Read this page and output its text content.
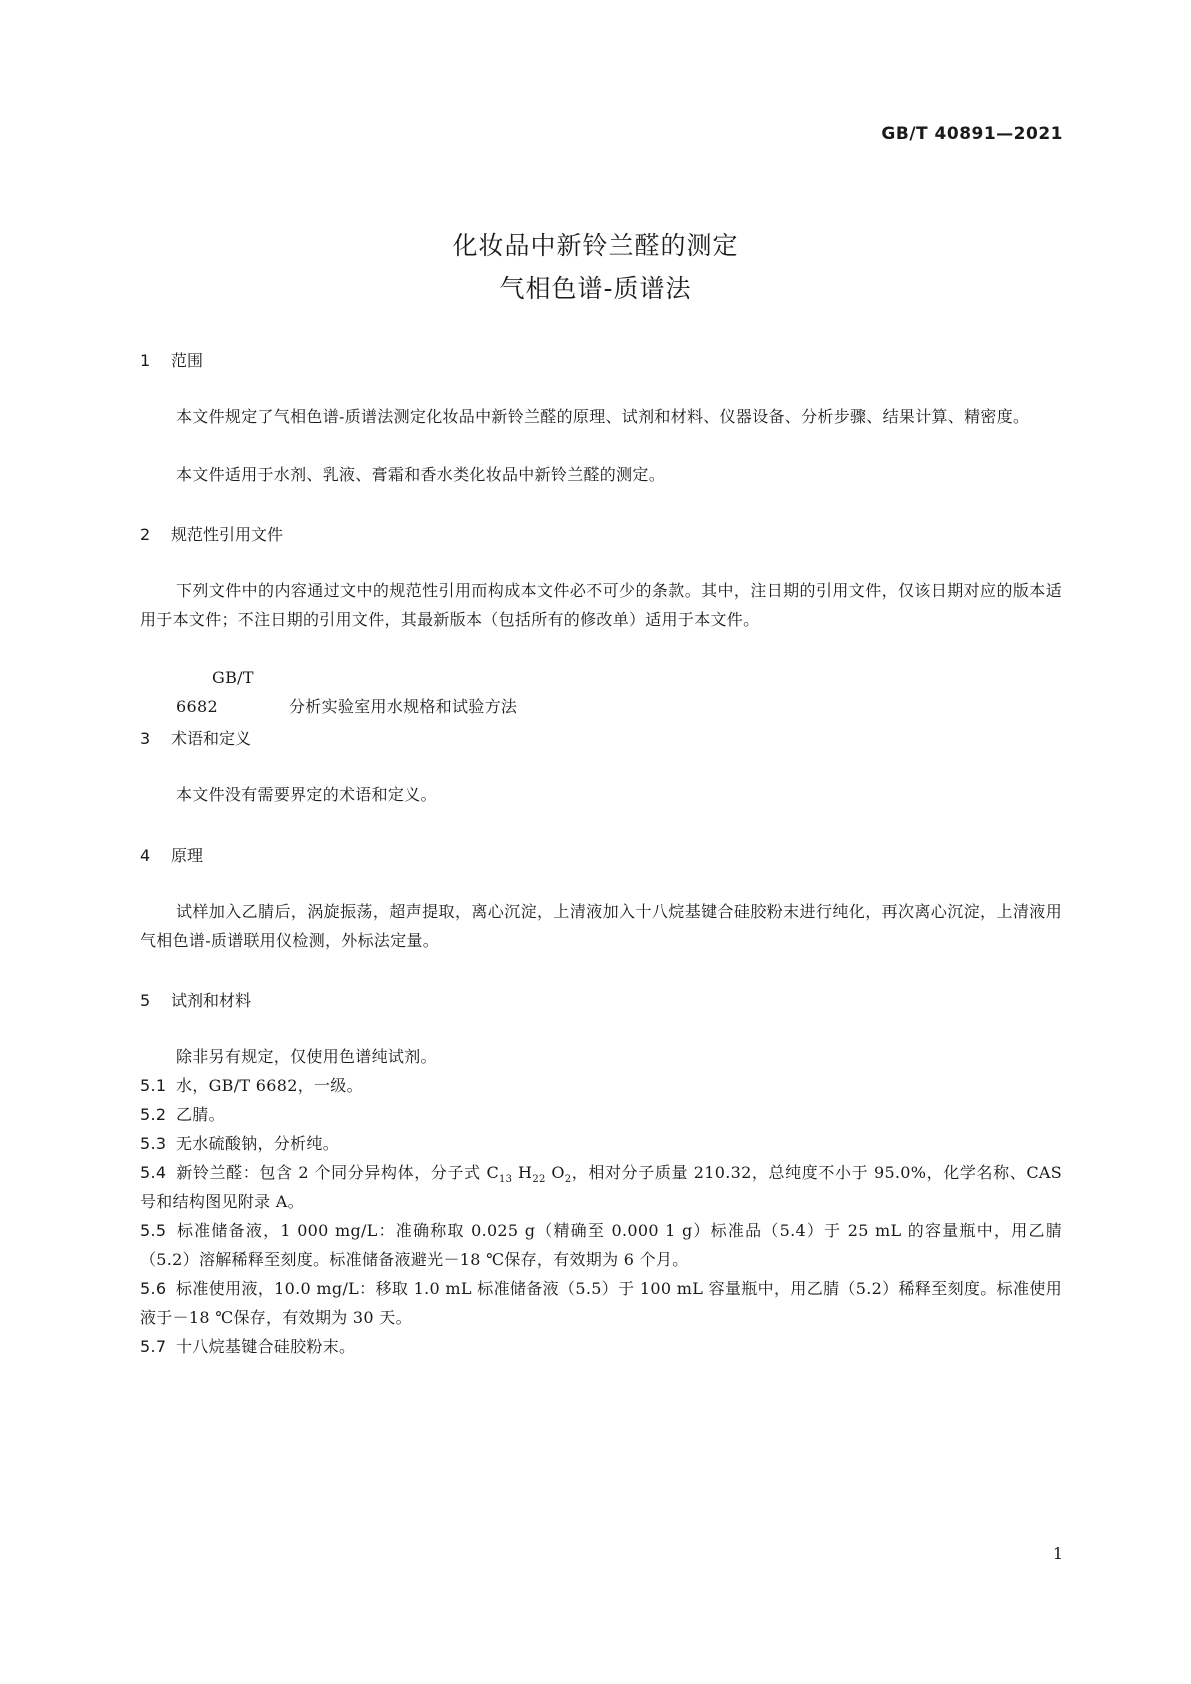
GB/T 40891—2021
化妆品中新铃兰醛的测定
气相色谱-质谱法
1 范围
本文件规定了气相色谱-质谱法测定化妆品中新铃兰醛的原理、试剂和材料、仪器设备、分析步骤、结果计算、精密度。
本文件适用于水剂、乳液、膏霜和香水类化妆品中新铃兰醛的测定。
2 规范性引用文件
下列文件中的内容通过文中的规范性引用而构成本文件必不可少的条款。其中，注日期的引用文件，仅该日期对应的版本适用于本文件；不注日期的引用文件，其最新版本（包括所有的修改单）适用于本文件。
GB/T 6682	分析实验室用水规格和试验方法
3 术语和定义
本文件没有需要界定的术语和定义。
4 原理
试样加入乙腈后，涡旋振荡，超声提取，离心沉淀，上清液加入十八烷基键合硅胶粉末进行纯化，再次离心沉淀，上清液用气相色谱-质谱联用仪检测，外标法定量。
5 试剂和材料
除非另有规定，仅使用色谱纯试剂。
5.1 水，GB/T 6682，一级。
5.2 乙腈。
5.3 无水硫酸钠，分析纯。
5.4 新铃兰醛：包含 2 个同分异构体，分子式 $C_{13}$ $H_{22}$ $O_2$，相对分子质量 210.32，总纯度不小于 95.0%，化学名称、CAS 号和结构图见附录 A。
5.5 标准储备液，1 000 mg/L：准确称取 0.025 g（精确至 0.000 1 g）标准品（5.4）于 25 mL 的容量瓶中，用乙腈（5.2）溶解稀释至刻度。标准储备液避光－18 ℃保存，有效期为 6 个月。
5.6 标准使用液，10.0 mg/L：移取 1.0 mL 标准储备液（5.5）于 100 mL 容量瓶中，用乙腈（5.2）稀释至刻度。标准使用液于－18 ℃保存，有效期为 30 天。
5.7 十八烷基键合硅胶粉末。
1
